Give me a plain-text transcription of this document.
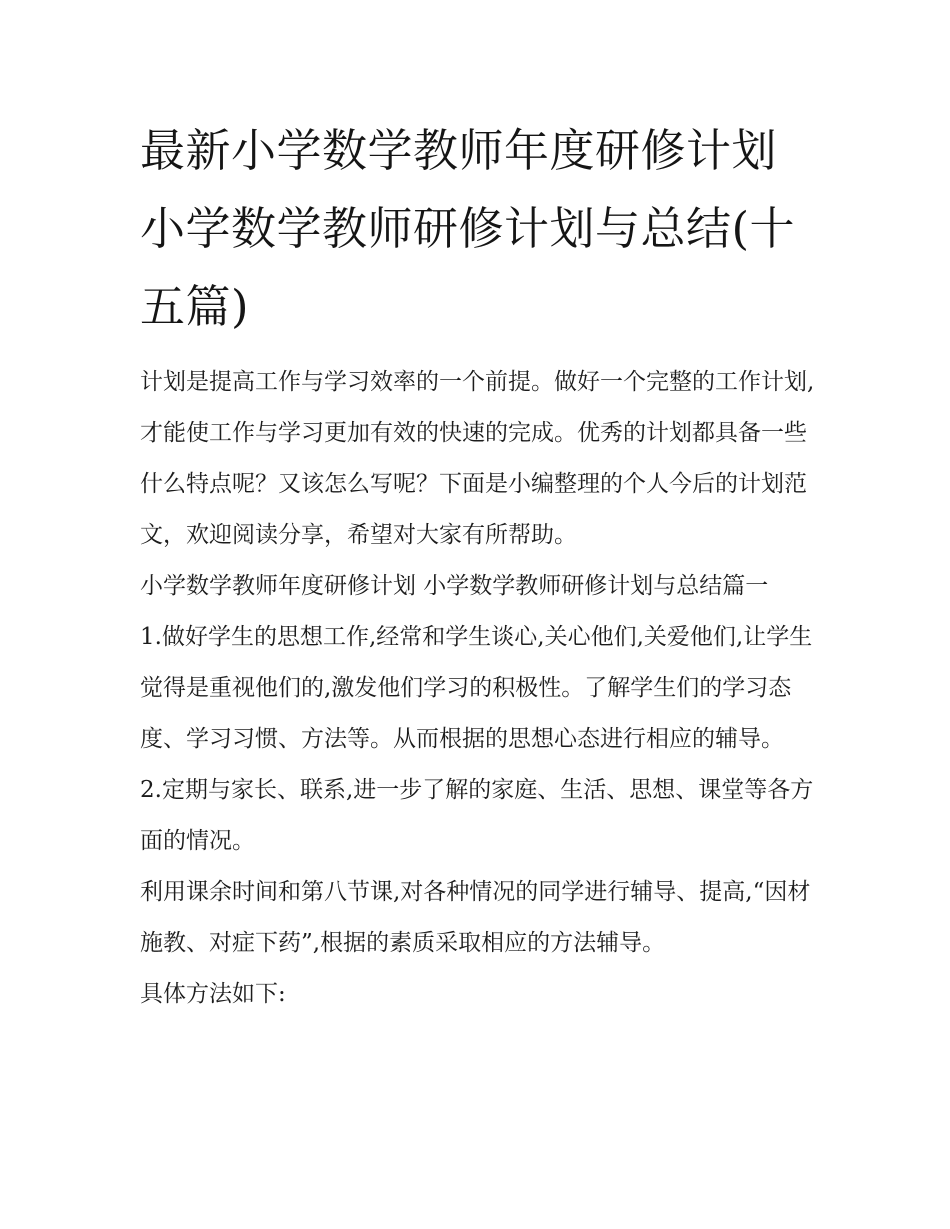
最新小学数学教师年度研修计划 小学数学教师研修计划与总结(十五篇)

计划是提高工作与学习效率的一个前提。做好一个完整的工作计划,才能使工作与学习更加有效的快速的完成。优秀的计划都具备一些什么特点呢？又该怎么写呢？下面是小编整理的个人今后的计划范文，欢迎阅读分享，希望对大家有所帮助。

小学数学教师年度研修计划 小学数学教师研修计划与总结篇一

1.做好学生的思想工作,经常和学生谈心,关心他们,关爱他们,让学生觉得是重视他们的,激发他们学习的积极性。了解学生们的学习态度、学习习惯、方法等。从而根据的思想心态进行相应的辅导。

2.定期与家长、联系,进一步了解的家庭、生活、思想、课堂等各方面的情况。

利用课余时间和第八节课,对各种情况的同学进行辅导、提高,“因材施教、对症下药”,根据的素质采取相应的方法辅导。

具体方法如下:
